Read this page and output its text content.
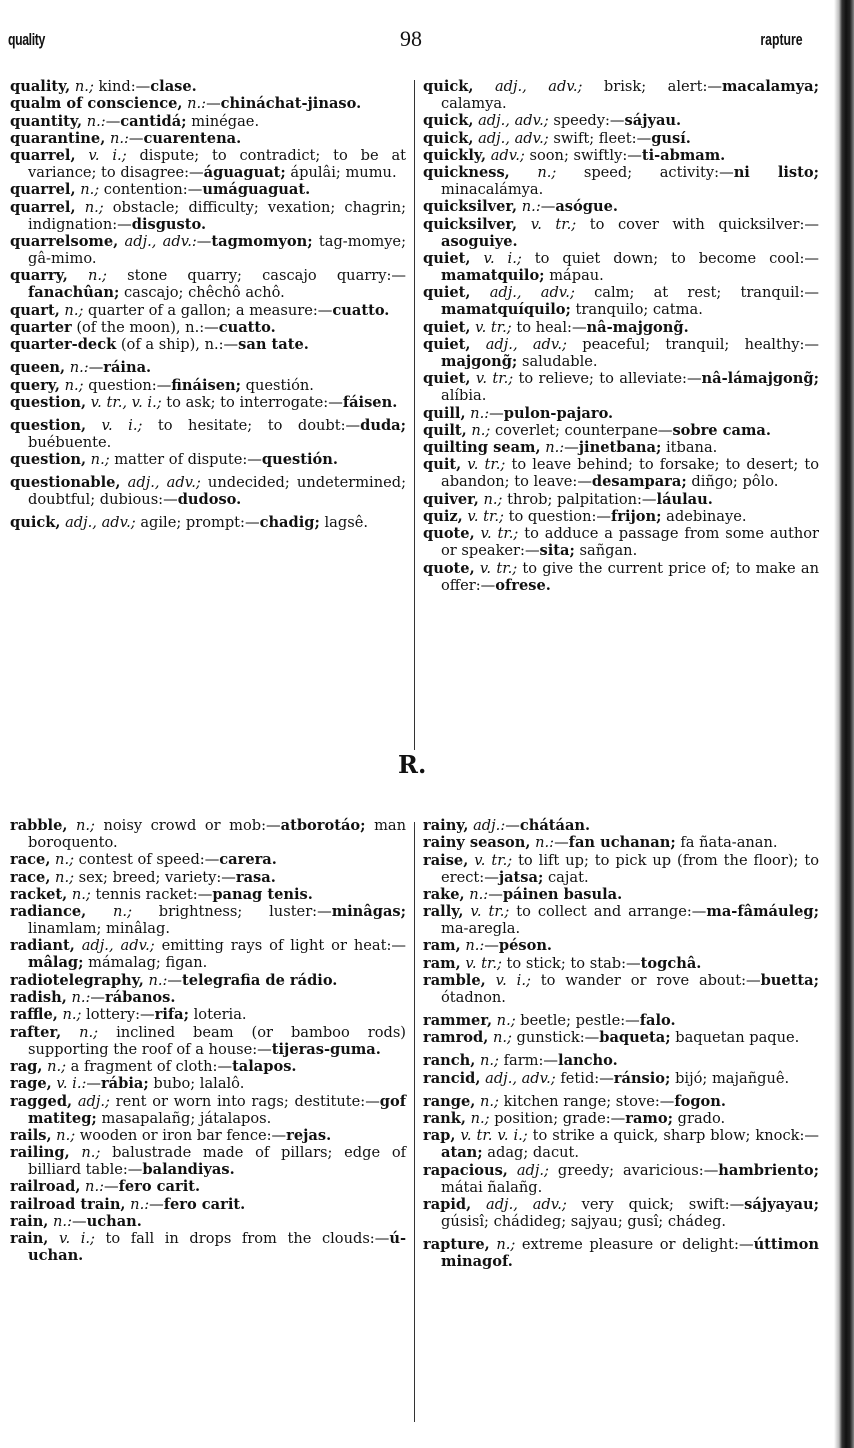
quality	98	rapture

quality, n.; kind:—clase.

qualm of conscience, n.:—chináchat-jinaso.

quantity, n.:—cantidá; minégae.

quarantine, n.:—cuarentena.

quarrel, v. i.; dispute; to contradict; to be at variance; to disagree:—águaguat; ápulâi; mumu.

quarrel, n.; contention:—umáguaguat.

quarrel, n.; obstacle; difficulty; vexation; chagrin; indignation:—disgusto.

quarrelsome, adj., adv.:—tagmomyon; tag-momye; gâ-mimo.

quarry, n.; stone quarry; cascajo quarry:—fanachûan; cascajo; chêchô achô.

quart, n.; quarter of a gallon; a measure:—cuatto.

quarter (of the moon), n.:—cuatto.

quarter-deck (of a ship), n.:—san tate.

queen, n.:—ráina.

query, n.; question:—fináisen; questión.

question, v. tr., v. i.; to ask; to interrogate:—fáisen.

question, v. i.; to hesitate; to doubt:—duda; buébuente.

question, n.; matter of dispute:—questión.

questionable, adj., adv.; undecided; undetermined; doubtful; dubious:—dudoso.

quick, adj., adv.; agile; prompt:—chadig; lagsê.

quick, adj., adv.; brisk; alert:—macalamya; calamya.

quick, adj., adv.; speedy:—sájyau.

quick, adj., adv.; swift; fleet:—gusí.

quickly, adv.; soon; swiftly:—ti-abmam.

quickness, n.; speed; activity:—ni listo; minacalámya.

quicksilver, n.:—asógue.

quicksilver, v. tr.; to cover with quicksilver:—asoguiye.

quiet, v. i.; to quiet down; to become cool:—mamatquilo; mápau.

quiet, adj., adv.; calm; at rest; tranquil:—mamatquíquilo; tranquilo; catma.

quiet, v. tr.; to heal:—nâ-majgong̃.

quiet, adj., adv.; peaceful; tranquil; healthy:—majgong̃; saludable.

quiet, v. tr.; to relieve; to alleviate:—nâ-lámajgong̃; alíbia.

quill, n.:—pulon-pajaro.

quilt, n.; coverlet; counterpane—sobre cama.

quilting seam, n.:—jinetbana; itbana.

quit, v. tr.; to leave behind; to forsake; to desert; to abandon; to leave:—desampara; diñgo; pôlo.

quiver, n.; throb; palpitation:—láulau.

quiz, v. tr.; to question:—frijon; adebinaye.

quote, v. tr.; to adduce a passage from some author or speaker:—sita; sañgan.

quote, v. tr.; to give the current price of; to make an offer:—ofrese.

R.

rabble, n.; noisy crowd or mob:—atborotáo; man boroquento.

race, n.; contest of speed:—carera.

race, n.; sex; breed; variety:—rasa.

racket, n.; tennis racket:—panag tenis.

radiance, n.; brightness; luster:—minâgas; linamlam; minâlag.

radiant, adj., adv.; emitting rays of light or heat:—mâlag; mámalag; figan.

radiotelegraphy, n.:—telegrafia de rádio.

radish, n.:—rábanos.

raffle, n.; lottery:—rifa; loteria.

rafter, n.; inclined beam (or bamboo rods) supporting the roof of a house:—tijeras-guma.

rag, n.; a fragment of cloth:—talapos.

rage, v. i.:—rábia; bubo; lalalô.

ragged, adj.; rent or worn into rags; destitute:—gof matiteg; masapalañg; játalapos.

rails, n.; wooden or iron bar fence:—rejas.

railing, n.; balustrade made of pillars; edge of billiard table:—balandiyas.

railroad, n.:—fero carit.

railroad train, n.:—fero carit.

rain, n.:—uchan.

rain, v. i.; to fall in drops from the clouds:—ú-uchan.

rainy, adj.:—chátáan.

rainy season, n.:—fan uchanan; fa ñata-anan.

raise, v. tr.; to lift up; to pick up (from the floor); to erect:—jatsa; cajat.

rake, n.:—páinen basula.

rally, v. tr.; to collect and arrange:—ma-fâmáuleg; ma-aregla.

ram, n.:—péson.

ram, v. tr.; to stick; to stab:—togchâ.

ramble, v. i.; to wander or rove about:—buetta; ótadnon.

rammer, n.; beetle; pestle:—falo.

ramrod, n.; gunstick:—baqueta; baquetan paque.

ranch, n.; farm:—lancho.

rancid, adj., adv.; fetid:—ránsio; bijó; majañguê.

range, n.; kitchen range; stove:—fogon.

rank, n.; position; grade:—ramo; grado.

rap, v. tr. v. i.; to strike a quick, sharp blow; knock:—atan; adag; dacut.

rapacious, adj.; greedy; avaricious:—hambriento; mátai ñalañg.

rapid, adj., adv.; very quick; swift:—sájyayau; gúsisî; chádideg; sajyau; gusî; chádeg.

rapture, n.; extreme pleasure or delight:—úttimon minagof.
